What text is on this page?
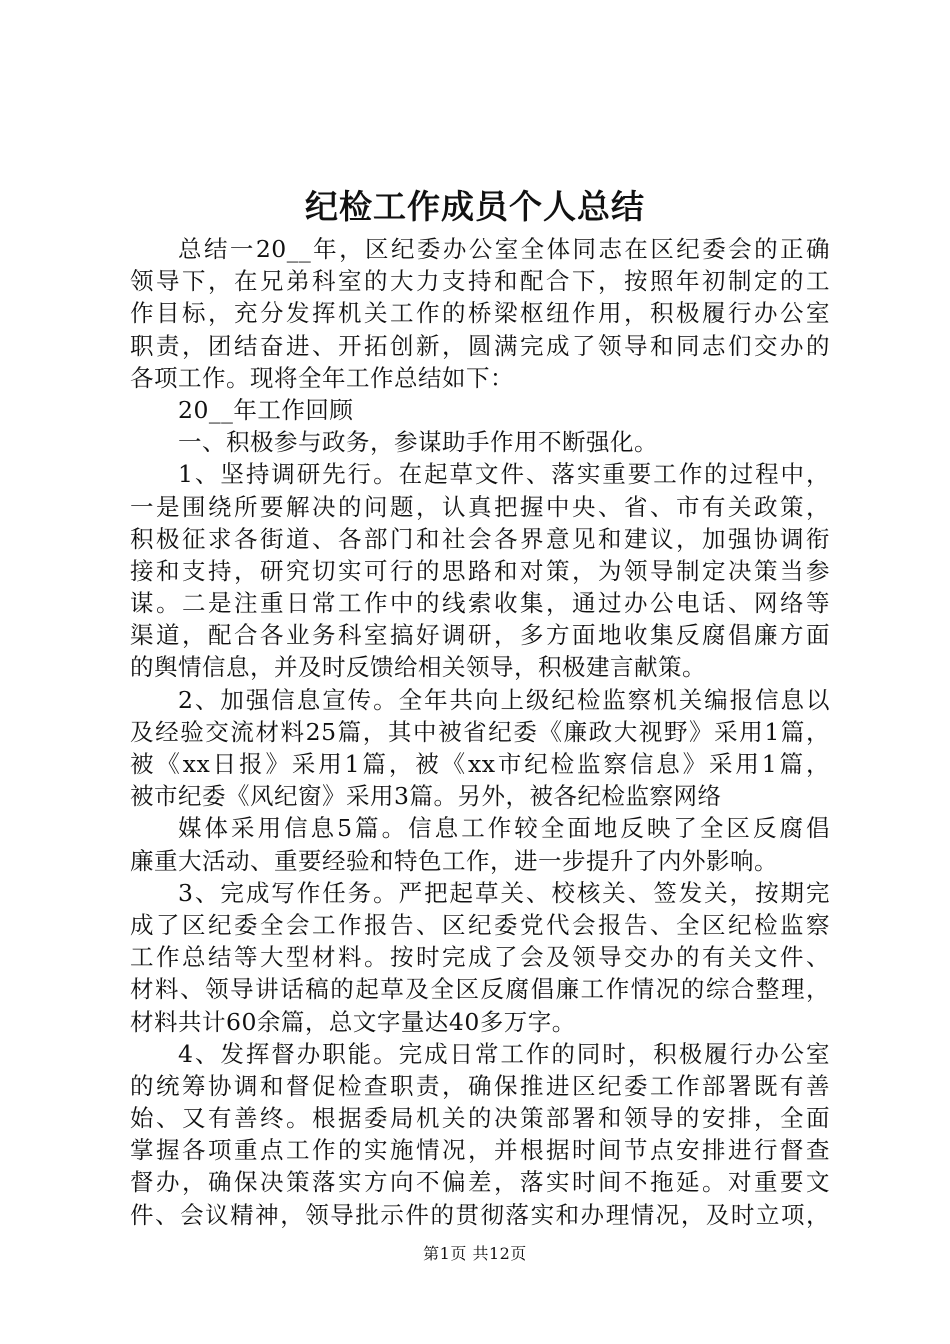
纪检工作成员个人总结
总结一20__年，区纪委办公室全体同志在区纪委会的正确
领导下，在兄弟科室的大力支持和配合下，按照年初制定的工
作目标，充分发挥机关工作的桥梁枢纽作用，积极履行办公室
职责，团结奋进、开拓创新，圆满完成了领导和同志们交办的
各项工作。现将全年工作总结如下：
20__年工作回顾
一、积极参与政务，参谋助手作用不断强化。
1、坚持调研先行。在起草文件、落实重要工作的过程中，
一是围绕所要解决的问题，认真把握中央、省、市有关政策，
积极征求各街道、各部门和社会各界意见和建议，加强协调衔
接和支持，研究切实可行的思路和对策，为领导制定决策当参
谋。二是注重日常工作中的线索收集，通过办公电话、网络等
渠道，配合各业务科室搞好调研，多方面地收集反腐倡廉方面
的舆情信息，并及时反馈给相关领导，积极建言献策。
2、加强信息宣传。全年共向上级纪检监察机关编报信息以
及经验交流材料25篇，其中被省纪委《廉政大视野》采用1篇，
被《xx日报》采用1篇，被《xx市纪检监察信息》采用1篇，
被市纪委《风纪窗》采用3篇。另外，被各纪检监察网络
媒体采用信息5篇。信息工作较全面地反映了全区反腐倡
廉重大活动、重要经验和特色工作，进一步提升了内外影响。
3、完成写作任务。严把起草关、校核关、签发关，按期完
成了区纪委全会工作报告、区纪委党代会报告、全区纪检监察
工作总结等大型材料。按时完成了会及领导交办的有关文件、
材料、领导讲话稿的起草及全区反腐倡廉工作情况的综合整理，
材料共计60余篇，总文字量达40多万字。
4、发挥督办职能。完成日常工作的同时，积极履行办公室
的统筹协调和督促检查职责，确保推进区纪委工作部署既有善
始、又有善终。根据委局机关的决策部署和领导的安排，全面
掌握各项重点工作的实施情况，并根据时间节点安排进行督查
督办，确保决策落实方向不偏差，落实时间不拖延。对重要文
件、会议精神，领导批示件的贯彻落实和办理情况，及时立项，
第1页 共12页
